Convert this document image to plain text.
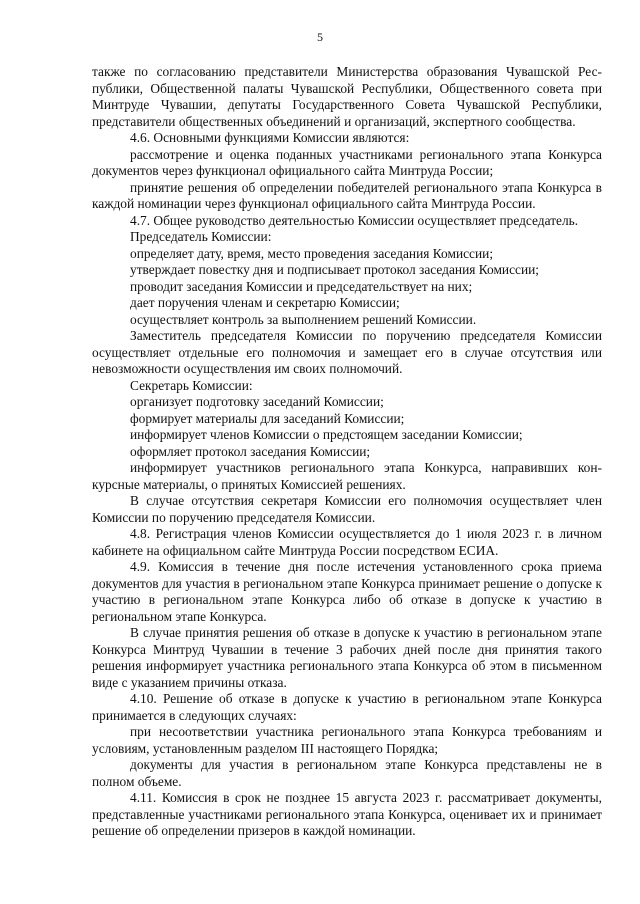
5

также по согласованию представители Министерства образования Чувашской Республики, Общественной палаты Чувашской Республики, Общественного совета при Минтруде Чувашии, депутаты Государственного Совета Чувашской Республики, представители общественных объединений и организаций, экспертного сообщества.

4.6. Основными функциями Комиссии являются:

рассмотрение и оценка поданных участниками регионального этапа Конкурса документов через функционал официального сайта Минтруда России;

принятие решения об определении победителей регионального этапа Конкурса в каждой номинации через функционал официального сайта Минтруда России.

4.7. Общее руководство деятельностью Комиссии осуществляет председатель.

Председатель Комиссии:

определяет дату, время, место проведения заседания Комиссии;

утверждает повестку дня и подписывает протокол заседания Комиссии;

проводит заседания Комиссии и председательствует на них;

дает поручения членам и секретарю Комиссии;

осуществляет контроль за выполнением решений Комиссии.

Заместитель председателя Комиссии по поручению председателя Комиссии осуществляет отдельные его полномочия и замещает его в случае отсутствия или невозможности осуществления им своих полномочий.

Секретарь Комиссии:

организует подготовку заседаний Комиссии;

формирует материалы для заседаний Комиссии;

информирует членов Комиссии о предстоящем заседании Комиссии;

оформляет протокол заседания Комиссии;

информирует участников регионального этапа Конкурса, направивших конкурсные материалы, о принятых Комиссией решениях.

В случае отсутствия секретаря Комиссии его полномочия осуществляет член Комиссии по поручению председателя Комиссии.

4.8. Регистрация членов Комиссии осуществляется до 1 июля 2023 г. в личном кабинете на официальном сайте Минтруда России посредством ЕСИА.

4.9. Комиссия в течение дня после истечения установленного срока приема документов для участия в региональном этапе Конкурса принимает решение о допуске к участию в региональном этапе Конкурса либо об отказе в допуске к участию в региональном этапе Конкурса.

В случае принятия решения об отказе в допуске к участию в региональном этапе Конкурса Минтруд Чувашии в течение 3 рабочих дней после дня принятия такого решения информирует участника регионального этапа Конкурса об этом в письменном виде с указанием причины отказа.

4.10. Решение об отказе в допуске к участию в региональном этапе Конкурса принимается в следующих случаях:

при несоответствии участника регионального этапа Конкурса требованиям и условиям, установленным разделом III настоящего Порядка;

документы для участия в региональном этапе Конкурса представлены не в полном объеме.

4.11. Комиссия в срок не позднее 15 августа 2023 г. рассматривает документы, представленные участниками регионального этапа Конкурса, оценивает их и принимает решение об определении призеров в каждой номинации.
